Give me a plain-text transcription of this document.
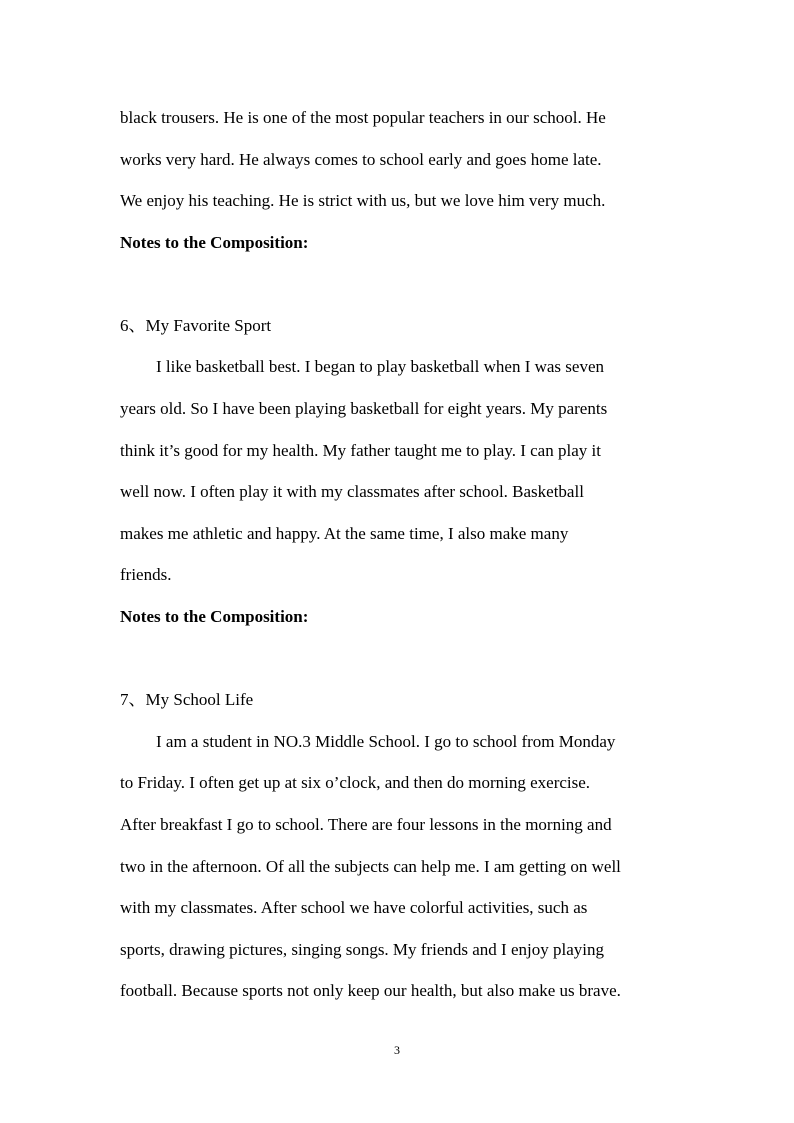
black trousers. He is one of the most popular teachers in our school. He
works very hard. He always comes to school early and goes home late.
We enjoy his teaching. He is strict with us, but we love him very much.
Notes to the Composition:
6、My Favorite Sport
I like basketball best. I began to play basketball when I was seven
years old. So I have been playing basketball for eight years. My parents
think it’s good for my health. My father taught me to play. I can play it
well now. I often play it with my classmates after school. Basketball
makes me athletic and happy. At the same time, I also make many
friends.
Notes to the Composition:
7、My School Life
I am a student in NO.3 Middle School. I go to school from Monday
to Friday. I often get up at six o’clock, and then do morning exercise.
After breakfast I go to school. There are four lessons in the morning and
two in the afternoon. Of all the subjects can help me. I am getting on well
with my classmates. After school we have colorful activities, such as
sports, drawing pictures, singing songs. My friends and I enjoy playing
football. Because sports not only keep our health, but also make us brave.
3
